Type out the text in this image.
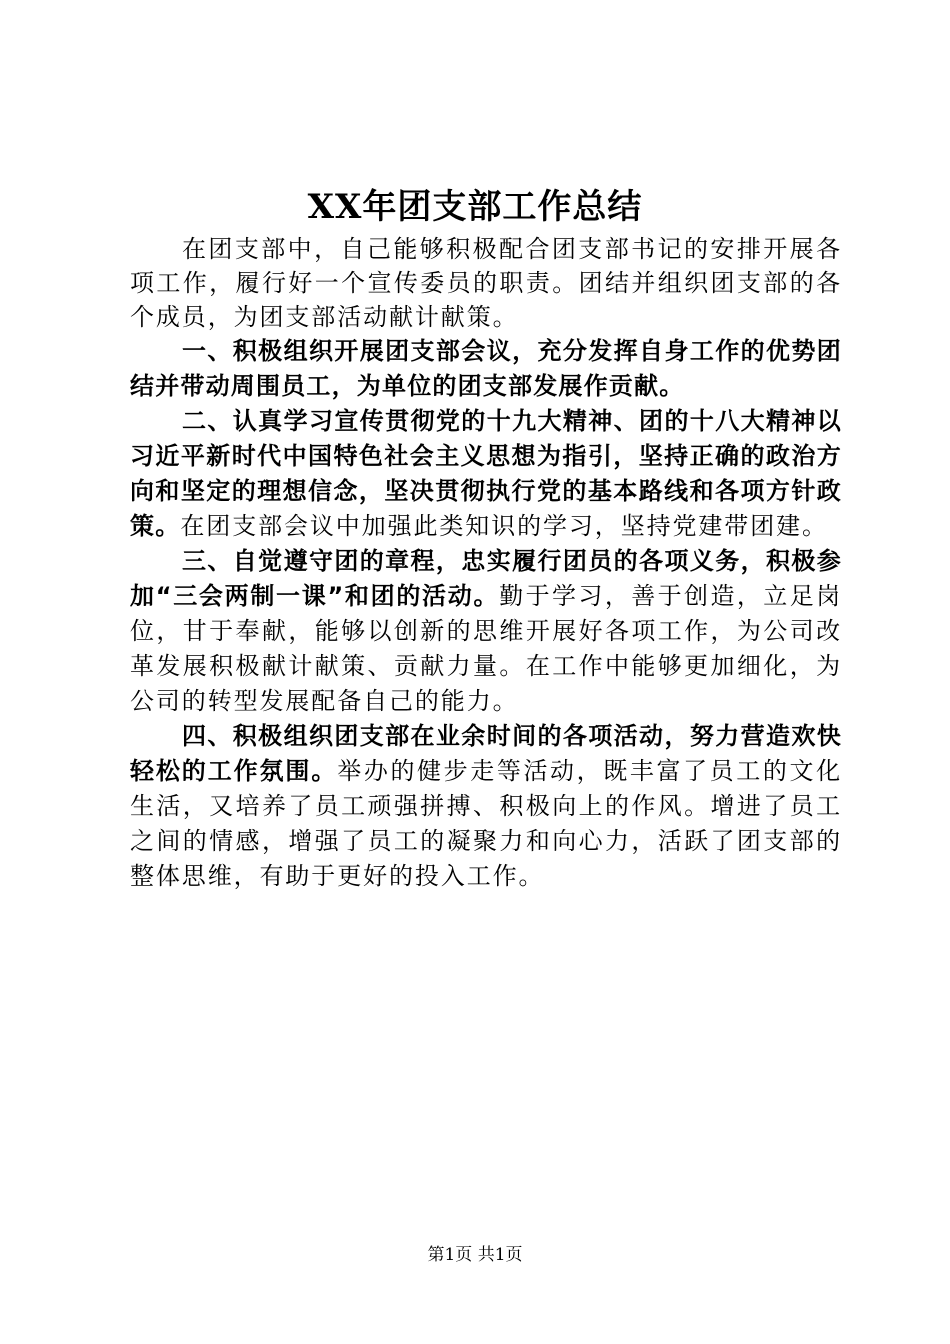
XX年团支部工作总结

在团支部中，自己能够积极配合团支部书记的安排开展各项工作，履行好一个宣传委员的职责。团结并组织团支部的各个成员，为团支部活动献计献策。

一、积极组织开展团支部会议，充分发挥自身工作的优势团结并带动周围员工，为单位的团支部发展作贡献。

二、认真学习宣传贯彻党的十九大精神、团的十八大精神以习近平新时代中国特色社会主义思想为指引，坚持正确的政治方向和坚定的理想信念，坚决贯彻执行党的基本路线和各项方针政策。在团支部会议中加强此类知识的学习，坚持党建带团建。

三、自觉遵守团的章程，忠实履行团员的各项义务，积极参加“三会两制一课”和团的活动。勤于学习，善于创造，立足岗位，甘于奉献，能够以创新的思维开展好各项工作，为公司改革发展积极献计献策、贡献力量。在工作中能够更加细化，为公司的转型发展配备自己的能力。

四、积极组织团支部在业余时间的各项活动，努力营造欢快轻松的工作氛围。举办的健步走等活动，既丰富了员工的文化生活，又培养了员工顽强拼搏、积极向上的作风。增进了员工之间的情感，增强了员工的凝聚力和向心力，活跃了团支部的整体思维，有助于更好的投入工作。

第1页 共1页
